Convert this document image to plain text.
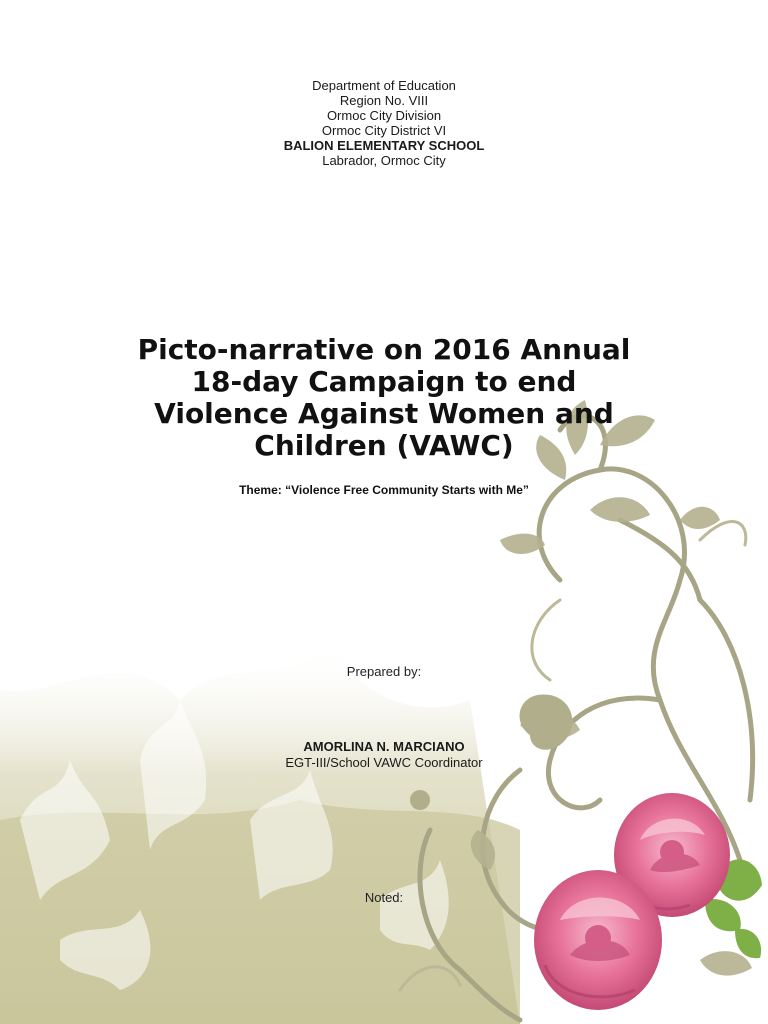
Department of Education
Region No. VIII
Ormoc City Division
Ormoc City District VI
BALION ELEMENTARY SCHOOL
Labrador, Ormoc City
Picto-narrative on 2016 Annual
18-day Campaign to end
Violence Against Women and
Children (VAWC)
Theme: “Violence Free Community Starts with Me”
Prepared by:
AMORLINA N. MARCIANO
EGT-III/School VAWC Coordinator
Noted:
